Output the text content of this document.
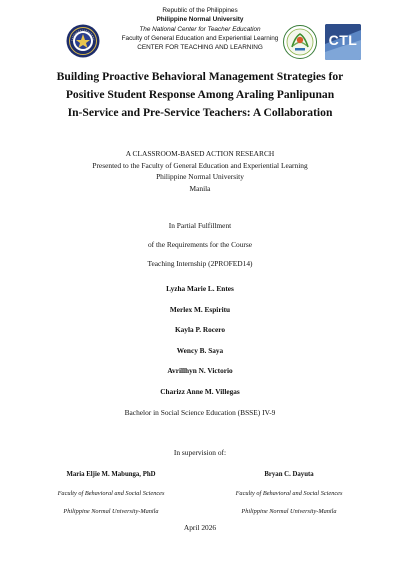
Republic of the Philippines
Philippine Normal University
The National Center for Teacher Education
Faculty of General Education and Experiential Learning
CENTER FOR TEACHING AND LEARNING	CTL
Building Proactive Behavioral Management Strategies for
Positive Student Response Among Araling Panlipunan
In-Service and Pre-Service Teachers: A Collaboration
A CLASSROOM-BASED ACTION RESEARCH
Presented to the Faculty of General Education and Experiential Learning
Philippine Normal University
Manila
In Partial Fulfillment
of the Requirements for the Course
Teaching Internship (2PROFED14)
Lyzha Marie L. Entes
Merlex M. Espiritu
Kayla P. Rocero
Wency B. Saya
Avrillhyn N. Victorio
Charizz Anne M. Villegas
Bachelor in Social Science Education (BSSE) IV-9
In supervision of:
Maria Eljie M. Mabunga, PhD
Faculty of Behavioral and Social Sciences
Philippine Normal University-Manila
Bryan C. Dayuta
Faculty of Behavioral and Social Sciences
Philippine Normal University-Manila
April 2026
